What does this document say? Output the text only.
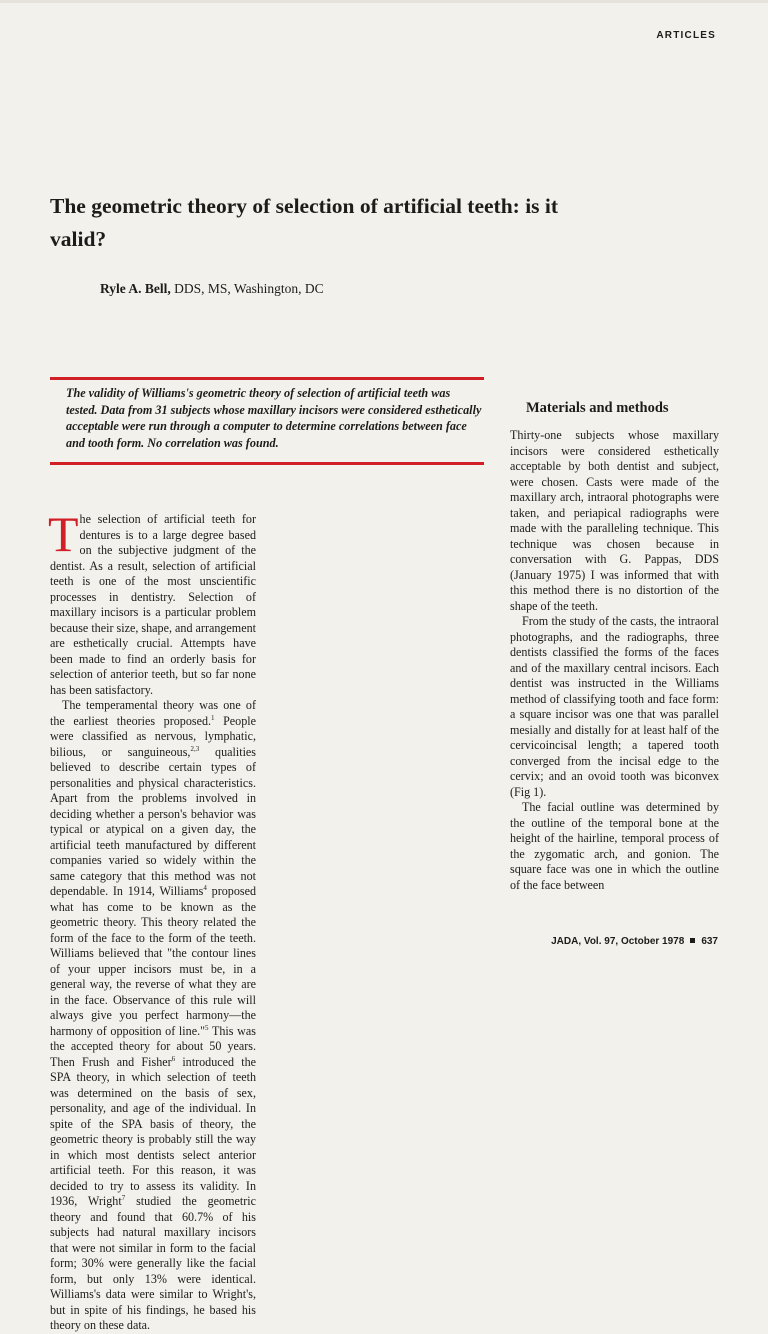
ARTICLES
The geometric theory of selection of artificial teeth: is it valid?
Ryle A. Bell, DDS, MS, Washington, DC

The validity of Williams's geometric theory of selection of artificial teeth was tested. Data from 31 subjects whose maxillary incisors were considered esthetically acceptable were run through a computer to determine correlations between face and tooth form. No correlation was found.

The selection of artificial teeth for dentures is to a large degree based on the subjective judgment of the dentist. As a result, selection of artificial teeth is one of the most unscientific processes in dentistry. Selection of maxillary incisors is a particular problem because their size, shape, and arrangement are esthetically crucial. Attempts have been made to find an orderly basis for selection of anterior teeth, but so far none has been satisfactory.

The temperamental theory was one of the earliest theories proposed.$^1$ People were classified as nervous, lymphatic, bilious, or sanguineous,$^{2,3}$ qualities believed to describe certain types of personalities and physical characteristics. Apart from the problems involved in deciding whether a person's behavior was typical or atypical on a given day, the artificial teeth manufactured by different companies varied so widely within the same category that this method was not dependable. In 1914, Williams$^4$ proposed what has come to be known as the geometric theory. This theory related the form of the face to the form of the teeth. Williams believed that "the contour lines of your upper incisors must be, in a general way, the reverse of what they are in the face. Observance of this rule will always give you perfect harmony—the harmony of opposition of line."$^5$ This was the accepted theory for about 50 years. Then Frush and Fisher$^6$ introduced the SPA theory, in which selection of teeth was determined on the basis of sex, personality, and age of the individual. In spite of the SPA basis of theory, the geometric theory is probably still the way in which most dentists select anterior artificial teeth. For this reason, it was decided to try to assess its validity. In 1936, Wright$^7$ studied the geometric theory and found that 60.7% of his subjects had natural maxillary incisors that were not similar in form to the facial form; 30% were generally like the facial form, but only 13% were identical. Williams's data were similar to Wright's, but in spite of his findings, he based his theory on these data.

Materials and methods

Thirty-one subjects whose maxillary incisors were considered esthetically acceptable by both dentist and subject, were chosen. Casts were made of the maxillary arch, intraoral photographs were taken, and periapical radiographs were made with the paralleling technique. This technique was chosen because in conversation with G. Pappas, DDS (January 1975) I was informed that with this method there is no distortion of the shape of the teeth.

From the study of the casts, the intraoral photographs, and the radiographs, three dentists classified the forms of the faces and of the maxillary central incisors. Each dentist was instructed in the Williams method of classifying tooth and face form: a square incisor was one that was parallel mesially and distally for at least half of the cervicoincisal length; a tapered tooth converged from the incisal edge to the cervix; and an ovoid tooth was biconvex (Fig 1).

The facial outline was determined by the outline of the temporal bone at the height of the hairline, temporal process of the zygomatic arch, and gonion. The square face was one in which the outline of the face between

JADA, Vol. 97, October 1978 637
